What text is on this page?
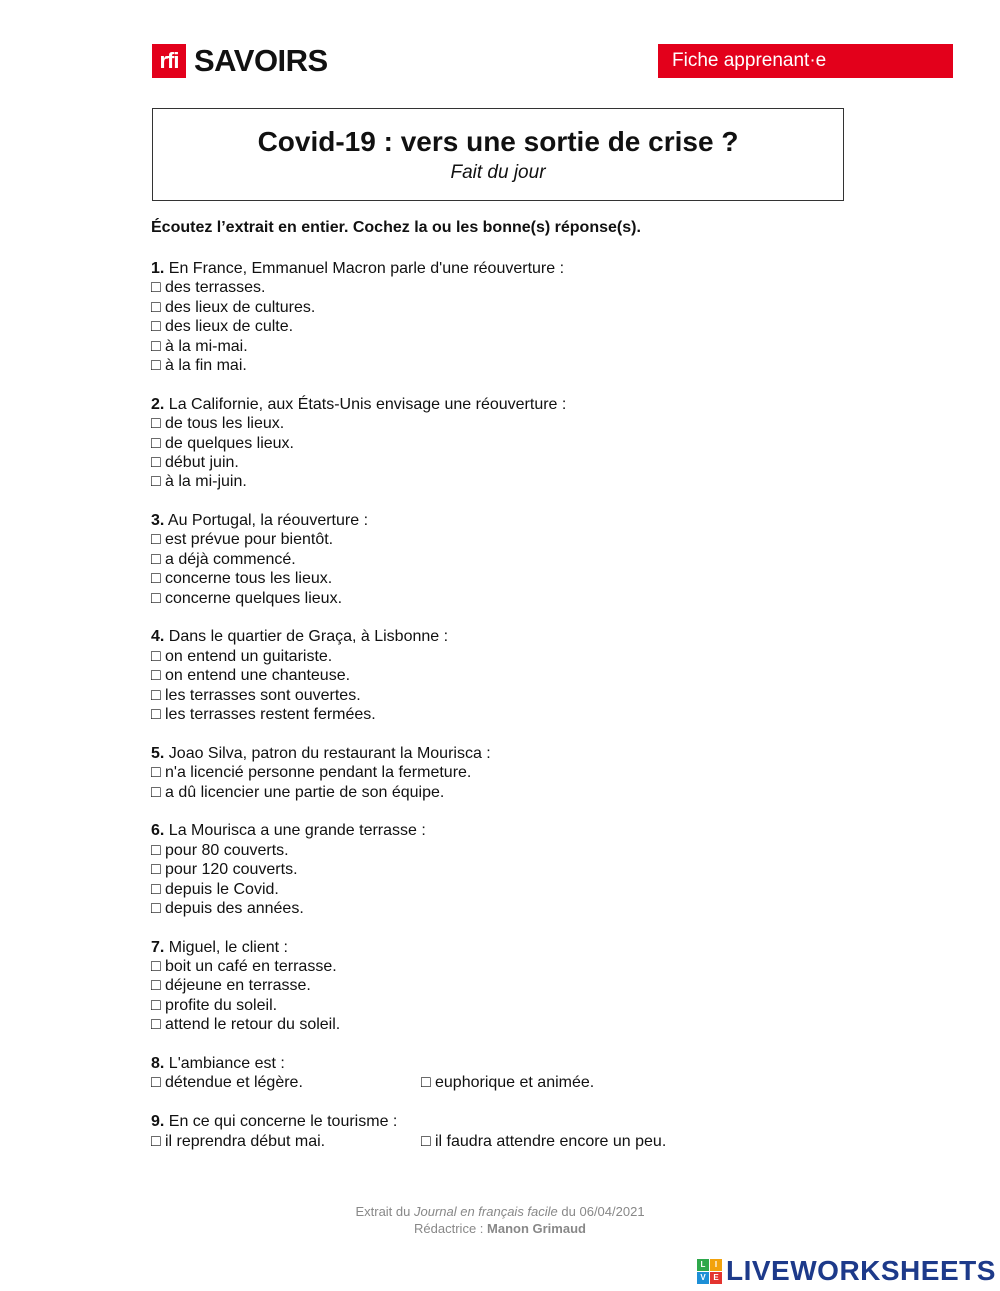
rfi SAVOIRS	Fiche apprenant·e
Covid-19 : vers une sortie de crise ?
Fait du jour
Écoutez l’extrait en entier. Cochez la ou les bonne(s) réponse(s).
1. En France, Emmanuel Macron parle d'une réouverture :
□ des terrasses.
□ des lieux de cultures.
□ des lieux de culte.
□ à la mi-mai.
□ à la fin mai.
2. La Californie, aux États-Unis envisage une réouverture :
□ de tous les lieux.
□ de quelques lieux.
□ début juin.
□ à la mi-juin.
3. Au Portugal, la réouverture :
□ est prévue pour bientôt.
□ a déjà commencé.
□ concerne tous les lieux.
□ concerne quelques lieux.
4. Dans le quartier de Graça, à Lisbonne :
□ on entend un guitariste.
□ on entend une chanteuse.
□ les terrasses sont ouvertes.
□ les terrasses restent fermées.
5. Joao Silva, patron du restaurant la Mourisca :
□ n'a licencié personne pendant la fermeture.
□ a dû licencier une partie de son équipe.
6. La Mourisca a une grande terrasse :
□ pour 80 couverts.
□ pour 120 couverts.
□ depuis le Covid.
□ depuis des années.
7. Miguel, le client :
□ boit un café en terrasse.
□ déjeune en terrasse.
□ profite du soleil.
□ attend le retour du soleil.
8. L'ambiance est :
□ détendue et légère.	□ euphorique et animée.
9. En ce qui concerne le tourisme :
□ il reprendra début mai.	□ il faudra attendre encore un peu.
Extrait du Journal en français facile du 06/04/2021
Rédactrice : Manon Grimaud
L	I
V E LIVEWORKSHEETS
